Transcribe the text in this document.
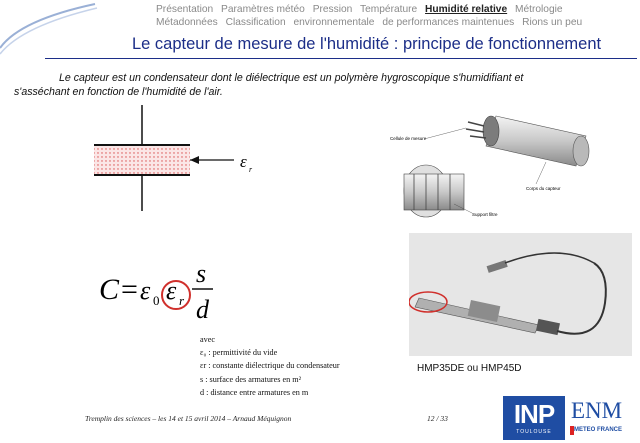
Présentation Paramètres météo Pression Température Humidité relative Métrologie
Métadonnées Classification environnementale de performances maintenues Rions un peu
Le capteur de mesure de l'humidité : principe de fonctionnement
Le capteur est un condensateur dont le diélectrique est un polymère hygroscopique s'humidifiant et s'asséchant en fonction de l'humidité de l'air.
ε r
C = ε 0 ε r
s
d
avec
ε₀ : permittivité du vide
εr : constante diélectrique du condensateur
s : surface des armatures en m²
d : distance entre armatures en m
Cellule de mesure
Corps du capteur
Support filtre
HMP35DE ou HMP45D
Tremplin des sciences – les 14 et 15 avril 2014 – Arnaud Méquignon	12 / 33	INP
TOULOUSE
ENM
METEO FRANCE
